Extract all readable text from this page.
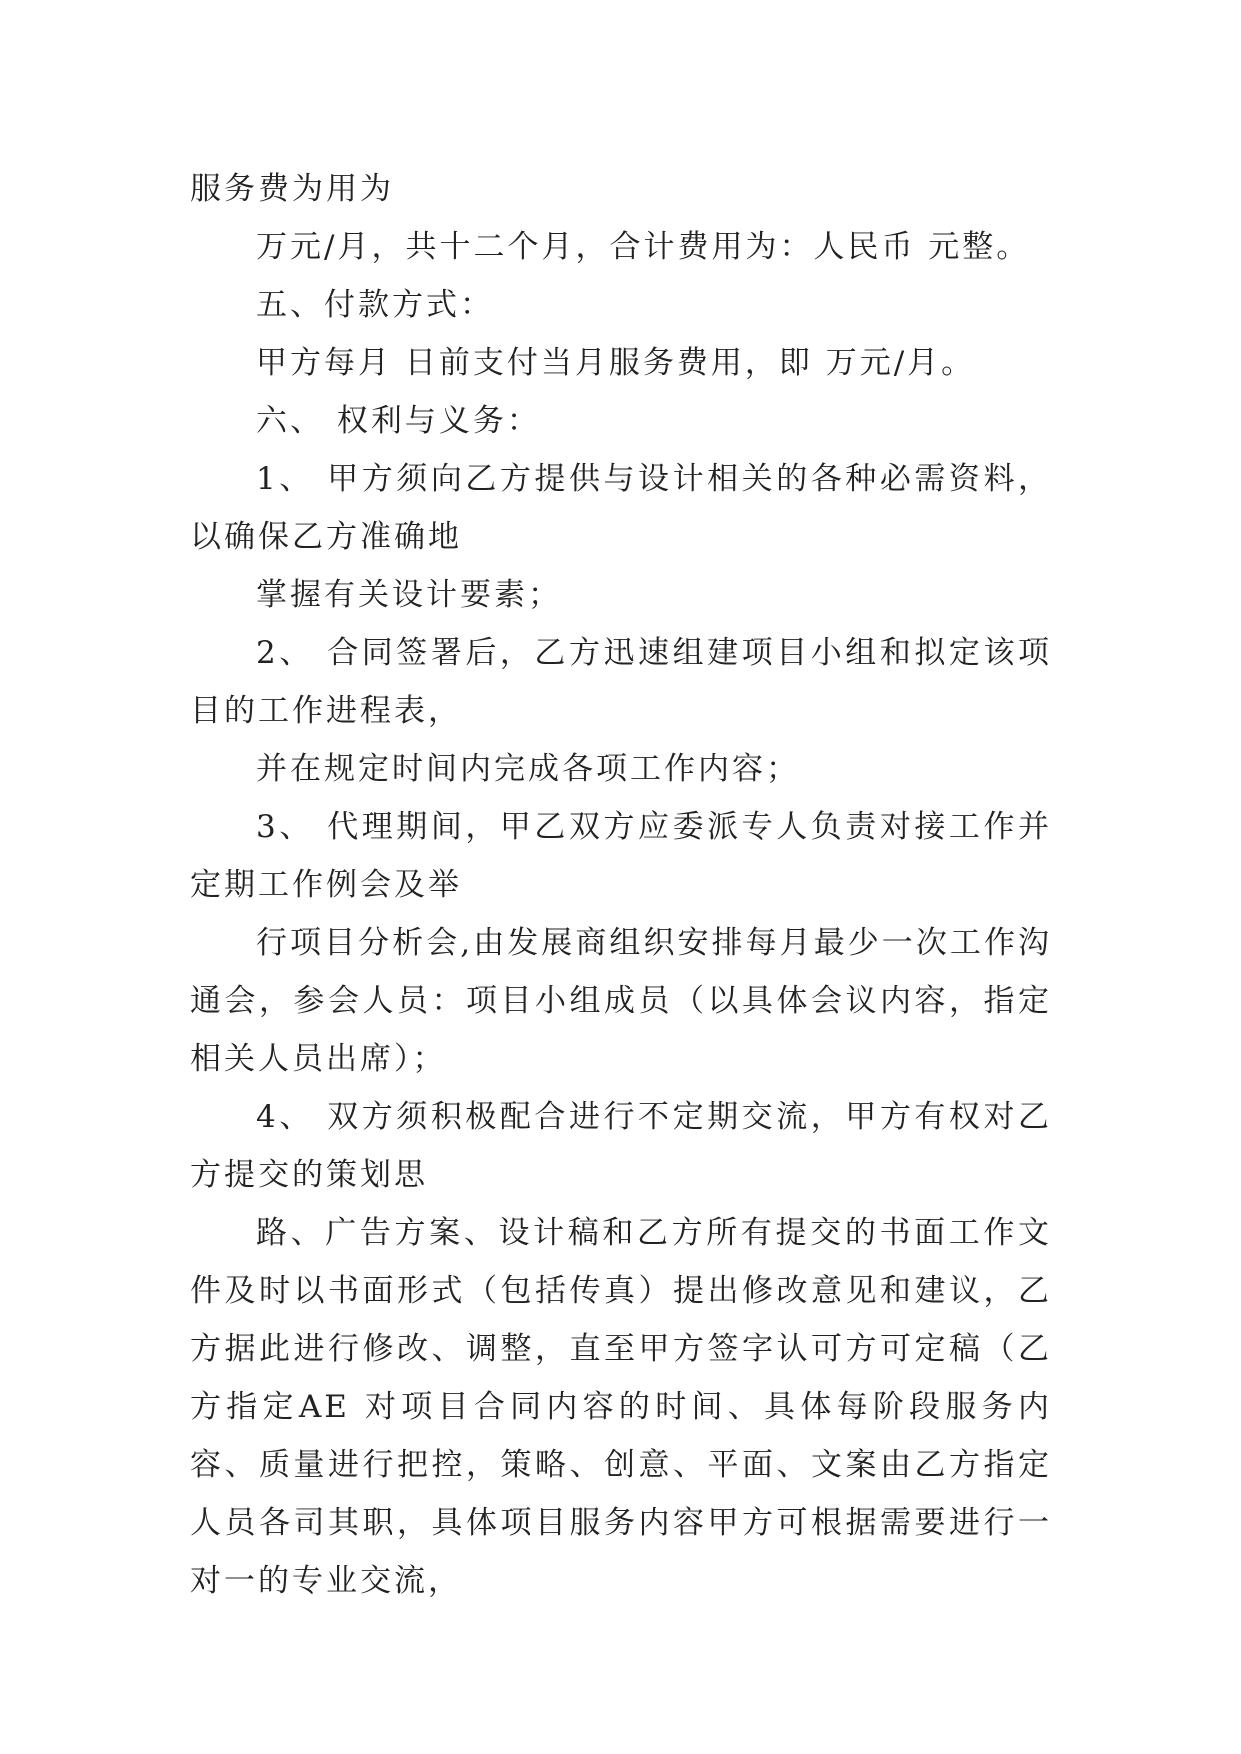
服务费为用为

万元/月，共十二个月，合计费用为：人民币 元整。

五、付款方式：

甲方每月 日前支付当月服务费用，即 万元/月。

六、 权利与义务：

1、 甲方须向乙方提供与设计相关的各种必需资料，以确保乙方准确地

掌握有关设计要素；

2、 合同签署后，乙方迅速组建项目小组和拟定该项目的工作进程表，

并在规定时间内完成各项工作内容；

3、 代理期间，甲乙双方应委派专人负责对接工作并定期工作例会及举

行项目分析会,由发展商组织安排每月最少一次工作沟通会，参会人员：项目小组成员（以具体会议内容，指定相关人员出席）；

4、 双方须积极配合进行不定期交流，甲方有权对乙方提交的策划思

路、广告方案、设计稿和乙方所有提交的书面工作文件及时以书面形式（包括传真）提出修改意见和建议，乙方据此进行修改、调整，直至甲方签字认可方可定稿（乙方指定AE 对项目合同内容的时间、具体每阶段服务内容、质量进行把控，策略、创意、平面、文案由乙方指定人员各司其职，具体项目服务内容甲方可根据需要进行一对一的专业交流，
